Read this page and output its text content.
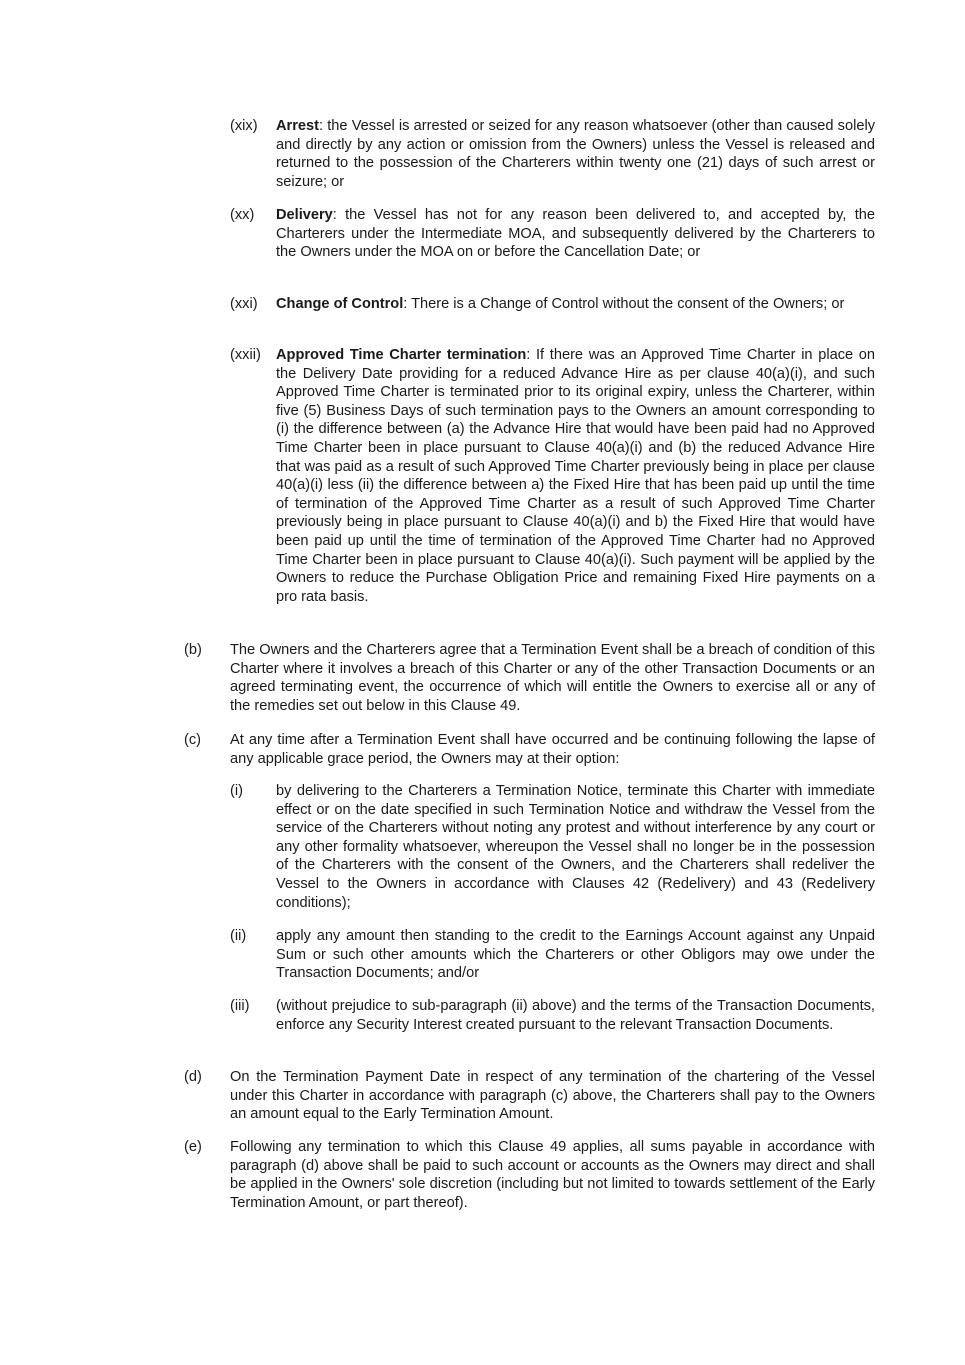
(xix)	Arrest: the Vessel is arrested or seized for any reason whatsoever (other than caused solely and directly by any action or omission from the Owners) unless the Vessel is released and returned to the possession of the Charterers within twenty one (21) days of such arrest or seizure; or
(xx)	Delivery: the Vessel has not for any reason been delivered to, and accepted by, the Charterers under the Intermediate MOA, and subsequently delivered by the Charterers to the Owners under the MOA on or before the Cancellation Date; or
(xxi)	Change of Control: There is a Change of Control without the consent of the Owners; or
(xxii)	Approved Time Charter termination: If there was an Approved Time Charter in place on the Delivery Date providing for a reduced Advance Hire as per clause 40(a)(i), and such Approved Time Charter is terminated prior to its original expiry, unless the Charterer, within five (5) Business Days of such termination pays to the Owners an amount corresponding to (i) the difference between (a) the Advance Hire that would have been paid had no Approved Time Charter been in place pursuant to Clause 40(a)(i) and (b) the reduced Advance Hire that was paid as a result of such Approved Time Charter previously being in place per clause 40(a)(i) less (ii) the difference between a) the Fixed Hire that has been paid up until the time of termination of the Approved Time Charter as a result of such Approved Time Charter previously being in place pursuant to Clause 40(a)(i) and b) the Fixed Hire that would have been paid up until the time of termination of the Approved Time Charter had no Approved Time Charter been in place pursuant to Clause 40(a)(i). Such payment will be applied by the Owners to reduce the Purchase Obligation Price and remaining Fixed Hire payments on a pro rata basis.
(b)	The Owners and the Charterers agree that a Termination Event shall be a breach of condition of this Charter where it involves a breach of this Charter or any of the other Transaction Documents or an agreed terminating event, the occurrence of which will entitle the Owners to exercise all or any of the remedies set out below in this Clause 49.
(c)	At any time after a Termination Event shall have occurred and be continuing following the lapse of any applicable grace period, the Owners may at their option:
(i)	by delivering to the Charterers a Termination Notice, terminate this Charter with immediate effect or on the date specified in such Termination Notice and withdraw the Vessel from the service of the Charterers without noting any protest and without interference by any court or any other formality whatsoever, whereupon the Vessel shall no longer be in the possession of the Charterers with the consent of the Owners, and the Charterers shall redeliver the Vessel to the Owners in accordance with Clauses 42 (Redelivery) and 43 (Redelivery conditions);
(ii)	apply any amount then standing to the credit to the Earnings Account against any Unpaid Sum or such other amounts which the Charterers or other Obligors may owe under the Transaction Documents; and/or
(iii)	(without prejudice to sub-paragraph (ii) above) and the terms of the Transaction Documents, enforce any Security Interest created pursuant to the relevant Transaction Documents.
(d)	On the Termination Payment Date in respect of any termination of the chartering of the Vessel under this Charter in accordance with paragraph (c) above, the Charterers shall pay to the Owners an amount equal to the Early Termination Amount.
(e)	Following any termination to which this Clause 49 applies, all sums payable in accordance with paragraph (d) above shall be paid to such account or accounts as the Owners may direct and shall be applied in the Owners' sole discretion (including but not limited to towards settlement of the Early Termination Amount, or part thereof).
